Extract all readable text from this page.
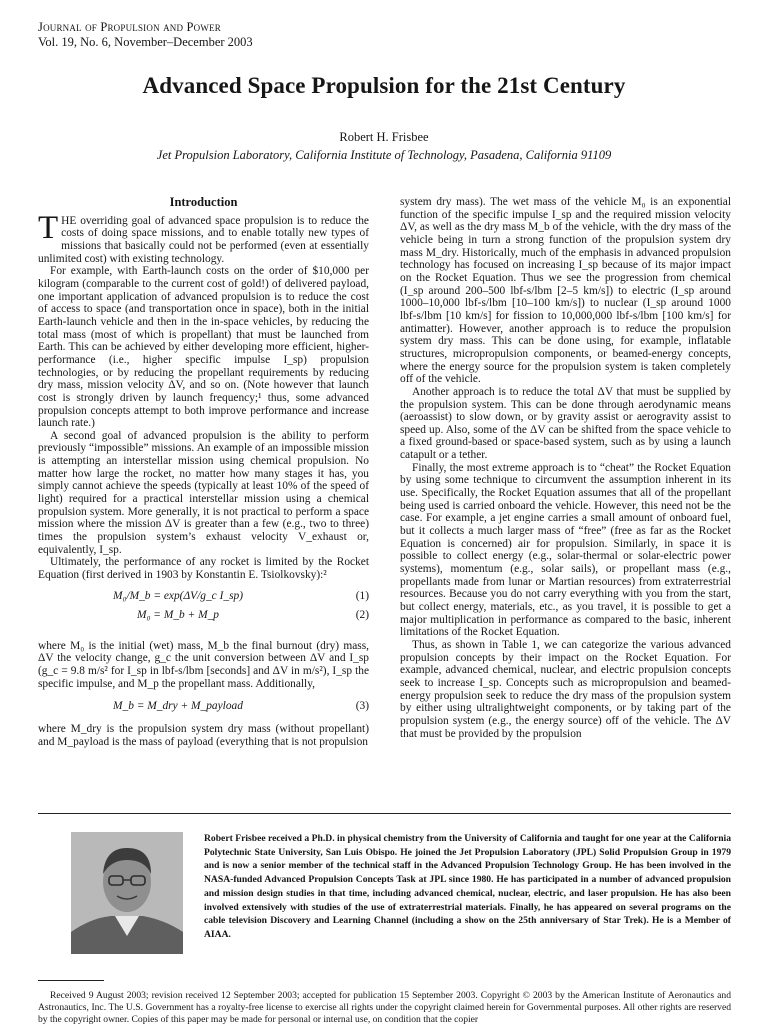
Journal of Propulsion and Power
Vol. 19, No. 6, November–December 2003
Advanced Space Propulsion for the 21st Century
Robert H. Frisbee
Jet Propulsion Laboratory, California Institute of Technology, Pasadena, California 91109
Introduction

THE overriding goal of advanced space propulsion is to reduce the costs of doing space missions, and to enable totally new types of missions that basically could not be performed (even at essentially unlimited cost) with existing technology.

For example, with Earth-launch costs on the order of $10,000 per kilogram (comparable to the current cost of gold!) of delivered payload, one important application of advanced propulsion is to reduce the cost of access to space (and transportation once in space), both in the initial Earth-launch vehicle and then in the in-space vehicles, by reducing the total mass (most of which is propellant) that must be launched from Earth. This can be achieved by either developing more efficient, higher-performance (i.e., higher specific impulse I_sp) propulsion technologies, or by reducing the propellant requirements by reducing dry mass, mission velocity ΔV, and so on. (Note however that launch cost is strongly driven by launch frequency;¹ thus, some advanced propulsion concepts attempt to both improve performance and increase launch rate.)

A second goal of advanced propulsion is the ability to perform previously “impossible” missions. An example of an impossible mission is attempting an interstellar mission using chemical propulsion. No matter how large the rocket, no matter how many stages it has, you simply cannot achieve the speeds (typically at least 10% of the speed of light) required for a practical interstellar mission using a chemical propulsion system. More generally, it is not practical to perform a space mission where the mission ΔV is greater than a few (e.g., two to three) times the propulsion system’s exhaust velocity V_exhaust or, equivalently, I_sp.

Ultimately, the performance of any rocket is limited by the Rocket Equation (first derived in 1903 by Konstantin E. Tsiolkovsky):²

M₀/M_b = exp(ΔV/g_c I_sp)	(1)
M₀ = M_b + M_p	(2)

where M₀ is the initial (wet) mass, M_b the final burnout (dry) mass, ΔV the velocity change, g_c the unit conversion between ΔV and I_sp (g_c = 9.8 m/s² for I_sp in lbf-s/lbm [seconds] and ΔV in m/s²), I_sp the specific impulse, and M_p the propellant mass. Additionally,

M_b = M_dry + M_payload	(3)

where M_dry is the propulsion system dry mass (without propellant) and M_payload is the mass of payload (everything that is not propulsion

system dry mass). The wet mass of the vehicle M₀ is an exponential function of the specific impulse I_sp and the required mission velocity ΔV, as well as the dry mass M_b of the vehicle, with the dry mass of the vehicle being in turn a strong function of the propulsion system dry mass M_dry. Historically, much of the emphasis in advanced propulsion technology has focused on increasing I_sp because of its major impact on the Rocket Equation. Thus we see the progression from chemical (I_sp around 200–500 lbf-s/lbm [2–5 km/s]) to electric (I_sp around 1000–10,000 lbf-s/lbm [10–100 km/s]) to nuclear (I_sp around 1000 lbf-s/lbm [10 km/s] for fission to 10,000,000 lbf-s/lbm [100 km/s] for antimatter). However, another approach is to reduce the propulsion system dry mass. This can be done using, for example, inflatable structures, micropropulsion components, or beamed-energy concepts, where the energy source for the propulsion system is taken completely off of the vehicle.

Another approach is to reduce the total ΔV that must be supplied by the propulsion system. This can be done through aerodynamic means (aeroassist) to slow down, or by gravity assist or aerogravity assist to speed up. Also, some of the ΔV can be shifted from the space vehicle to a fixed ground-based or space-based system, such as by using a launch catapult or a tether.

Finally, the most extreme approach is to “cheat” the Rocket Equation by using some technique to circumvent the assumption inherent in its use. Specifically, the Rocket Equation assumes that all of the propellant being used is carried onboard the vehicle. However, this need not be the case. For example, a jet engine carries a small amount of onboard fuel, but it collects a much larger mass of “free” (free as far as the Rocket Equation is concerned) air for propulsion. Similarly, in space it is possible to collect energy (e.g., solar-thermal or solar-electric power systems), momentum (e.g., solar sails), or propellant mass (e.g., propellants made from lunar or Martian resources) from extraterrestrial resources. Because you do not carry everything with you from the start, but collect energy, materials, etc., as you travel, it is possible to get a major multiplication in performance as compared to the basic, inherent limitations of the Rocket Equation.

Thus, as shown in Table 1, we can categorize the various advanced propulsion concepts by their impact on the Rocket Equation. For example, advanced chemical, nuclear, and electric propulsion concepts seek to increase I_sp. Concepts such as micropropulsion and beamed-energy propulsion seek to reduce the dry mass of the propulsion system by either using ultralightweight components, or by taking part of the propulsion system (e.g., the energy source) off of the vehicle. The ΔV that must be provided by the propulsion

Robert Frisbee received a Ph.D. in physical chemistry from the University of California and taught for one year at the California Polytechnic State University, San Luis Obispo. He joined the Jet Propulsion Laboratory (JPL) Solid Propulsion Group in 1979 and is now a senior member of the technical staff in the Advanced Propulsion Technology Group. He has been involved in the NASA-funded Advanced Propulsion Concepts Task at JPL since 1980. He has participated in a number of advanced propulsion and mission design studies in that time, including advanced chemical, nuclear, electric, and laser propulsion. He has also been involved extensively with studies of the use of extraterrestrial materials. Finally, he has appeared on several programs on the cable television Discovery and Learning Channel (including a show on the 25th anniversary of Star Trek). He is a Member of AIAA.

Received 9 August 2003; revision received 12 September 2003; accepted for publication 15 September 2003. Copyright © 2003 by the American Institute of Aeronautics and Astronautics, Inc. The U.S. Government has a royalty-free license to exercise all rights under the copyright claimed herein for Governmental purposes. All other rights are reserved by the copyright owner. Copies of this paper may be made for personal or internal use, on condition that the copier
